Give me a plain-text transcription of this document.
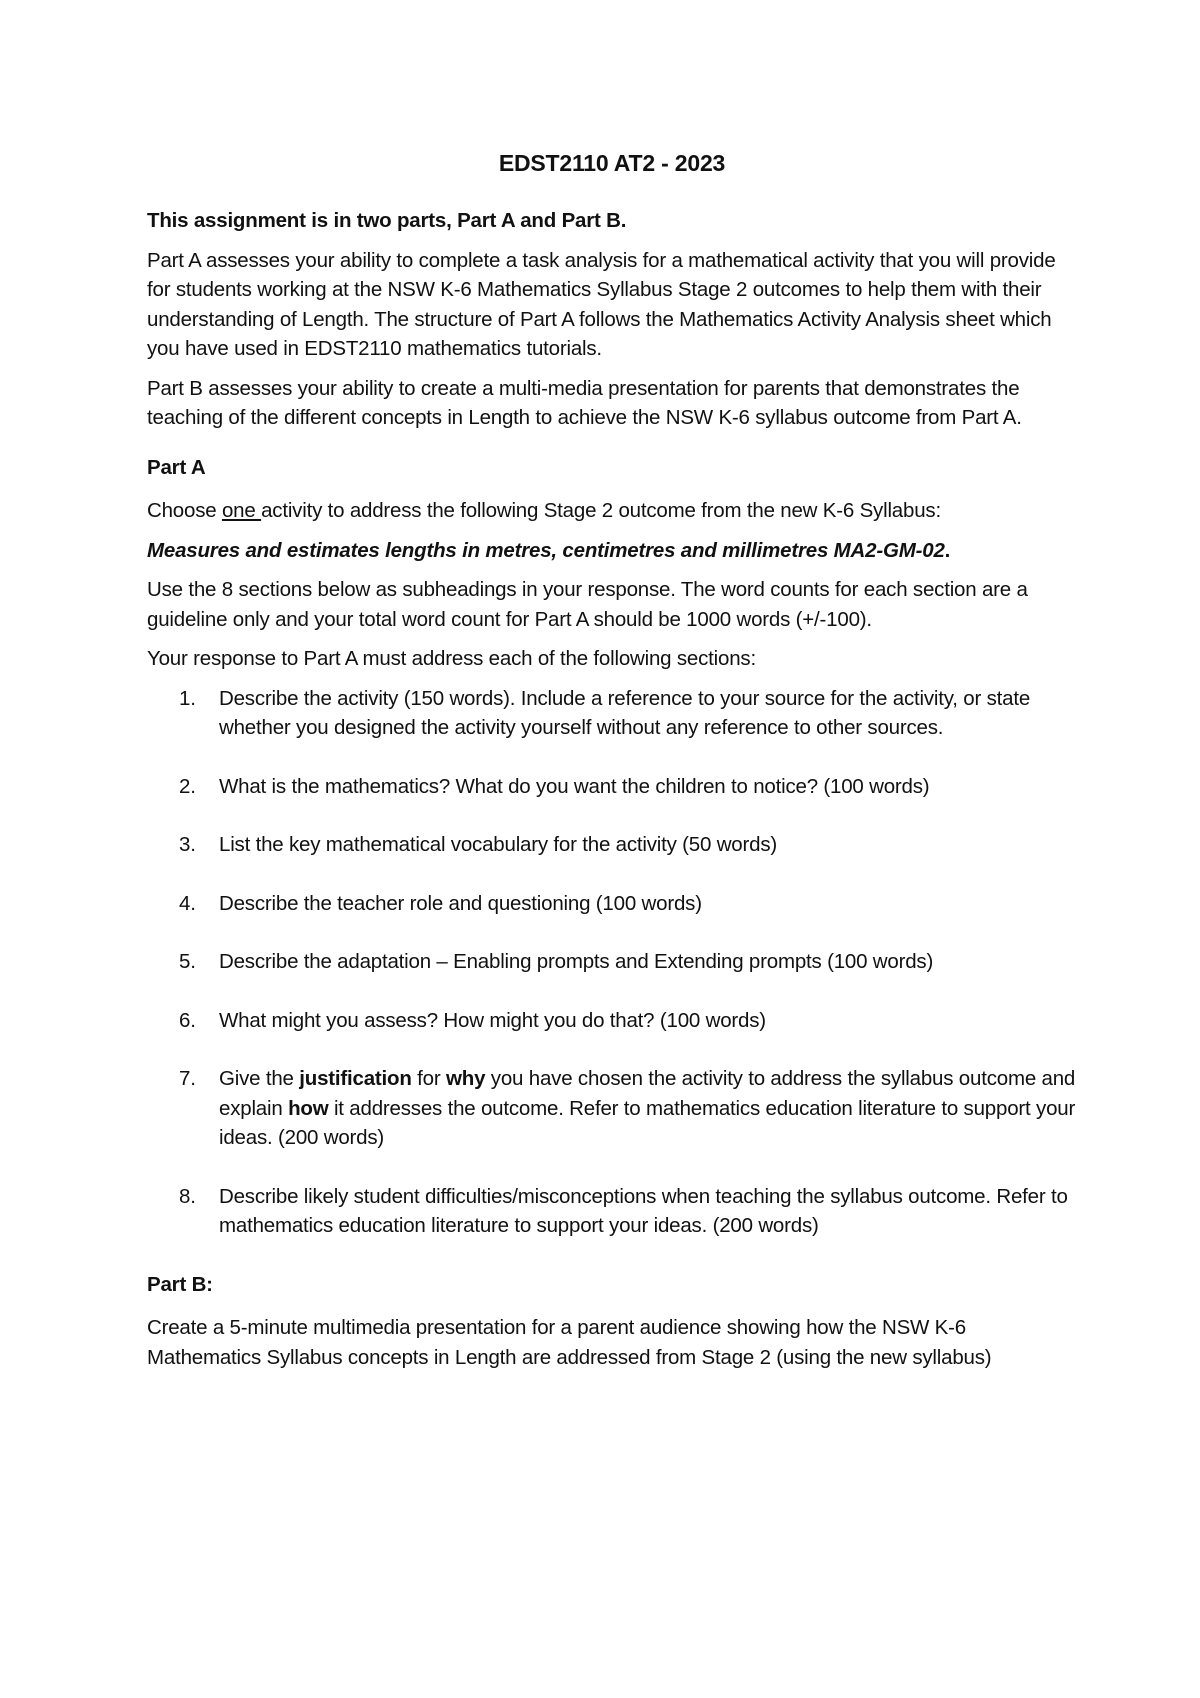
EDST2110 AT2 - 2023

This assignment is in two parts, Part A and Part B.

Part A assesses your ability to complete a task analysis for a mathematical activity that you will provide for students working at the NSW K-6 Mathematics Syllabus Stage 2 outcomes to help them with their understanding of Length. The structure of Part A follows the Mathematics Activity Analysis sheet which you have used in EDST2110 mathematics tutorials.

Part B assesses your ability to create a multi-media presentation for parents that demonstrates the teaching of the different concepts in Length to achieve the NSW K-6 syllabus outcome from Part A.

Part A

Choose one activity to address the following Stage 2 outcome from the new K-6 Syllabus:

Measures and estimates lengths in metres, centimetres and millimetres MA2-GM-02.

Use the 8 sections below as subheadings in your response. The word counts for each section are a guideline only and your total word count for Part A should be 1000 words (+/-100).

Your response to Part A must address each of the following sections:

1. Describe the activity (150 words). Include a reference to your source for the activity, or state whether you designed the activity yourself without any reference to other sources.
2. What is the mathematics? What do you want the children to notice? (100 words)
3. List the key mathematical vocabulary for the activity (50 words)
4. Describe the teacher role and questioning (100 words)
5. Describe the adaptation – Enabling prompts and Extending prompts (100 words)
6. What might you assess? How might you do that? (100 words)
7. Give the justification for why you have chosen the activity to address the syllabus outcome and explain how it addresses the outcome. Refer to mathematics education literature to support your ideas. (200 words)
8. Describe likely student difficulties/misconceptions when teaching the syllabus outcome. Refer to mathematics education literature to support your ideas. (200 words)

Part B:

Create a 5-minute multimedia presentation for a parent audience showing how the NSW K-6 Mathematics Syllabus concepts in Length are addressed from Stage 2 (using the new syllabus)
